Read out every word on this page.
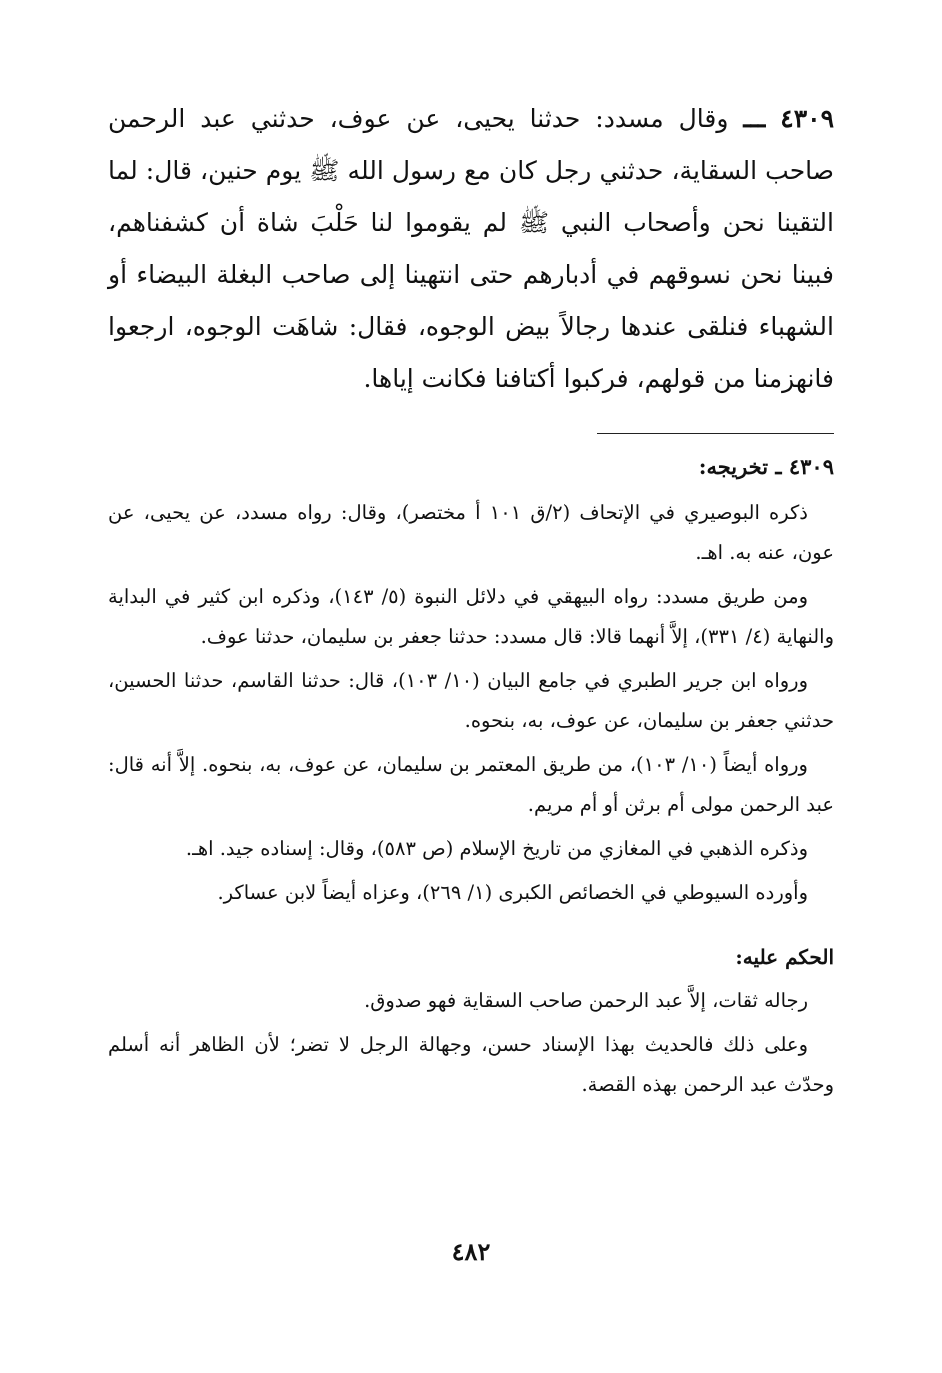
٤٣٠٩ ـــ وقال مسدد: حدثنا يحيى، عن عوف، حدثني عبد الرحمن صاحب السقاية، حدثني رجل كان مع رسول الله ﷺ يوم حنين، قال: لما التقينا نحن وأصحاب النبي ﷺ لم يقوموا لنا حَلْبَ شاة أن كشفناهم، فبينا نحن نسوقهم في أدبارهم حتى انتهينا إلى صاحب البغلة البيضاء أو الشهباء فنلقى عندها رجالاً بيض الوجوه، فقال: شاهَت الوجوه، ارجعوا فانهزمنا من قولهم، فركبوا أكتافنا فكانت إياها.

٤٣٠٩ ـ تخريجه:

ذكره البوصيري في الإتحاف (٢/ق ١٠١ أ مختصر)، وقال: رواه مسدد، عن يحيى، عن عون، عنه به. اهـ.

ومن طريق مسدد: رواه البيهقي في دلائل النبوة (٥/ ١٤٣)، وذكره ابن كثير في البداية والنهاية (٤/ ٣٣١)، إلاَّ أنهما قالا: قال مسدد: حدثنا جعفر بن سليمان، حدثنا عوف.

ورواه ابن جرير الطبري في جامع البيان (١٠/ ١٠٣)، قال: حدثنا القاسم، حدثنا الحسين، حدثني جعفر بن سليمان، عن عوف، به، بنحوه.

ورواه أيضاً (١٠/ ١٠٣)، من طريق المعتمر بن سليمان، عن عوف، به، بنحوه. إلاَّ أنه قال: عبد الرحمن مولى أم برثن أو أم مريم.

وذكره الذهبي في المغازي من تاريخ الإسلام (ص ٥٨٣)، وقال: إسناده جيد. اهـ.

وأورده السيوطي في الخصائص الكبرى (١/ ٢٦٩)، وعزاه أيضاً لابن عساكر.

الحكم عليه:

رجاله ثقات، إلاَّ عبد الرحمن صاحب السقاية فهو صدوق.

وعلى ذلك فالحديث بهذا الإسناد حسن، وجهالة الرجل لا تضر؛ لأن الظاهر أنه أسلم وحدّث عبد الرحمن بهذه القصة.

٤٨٢
